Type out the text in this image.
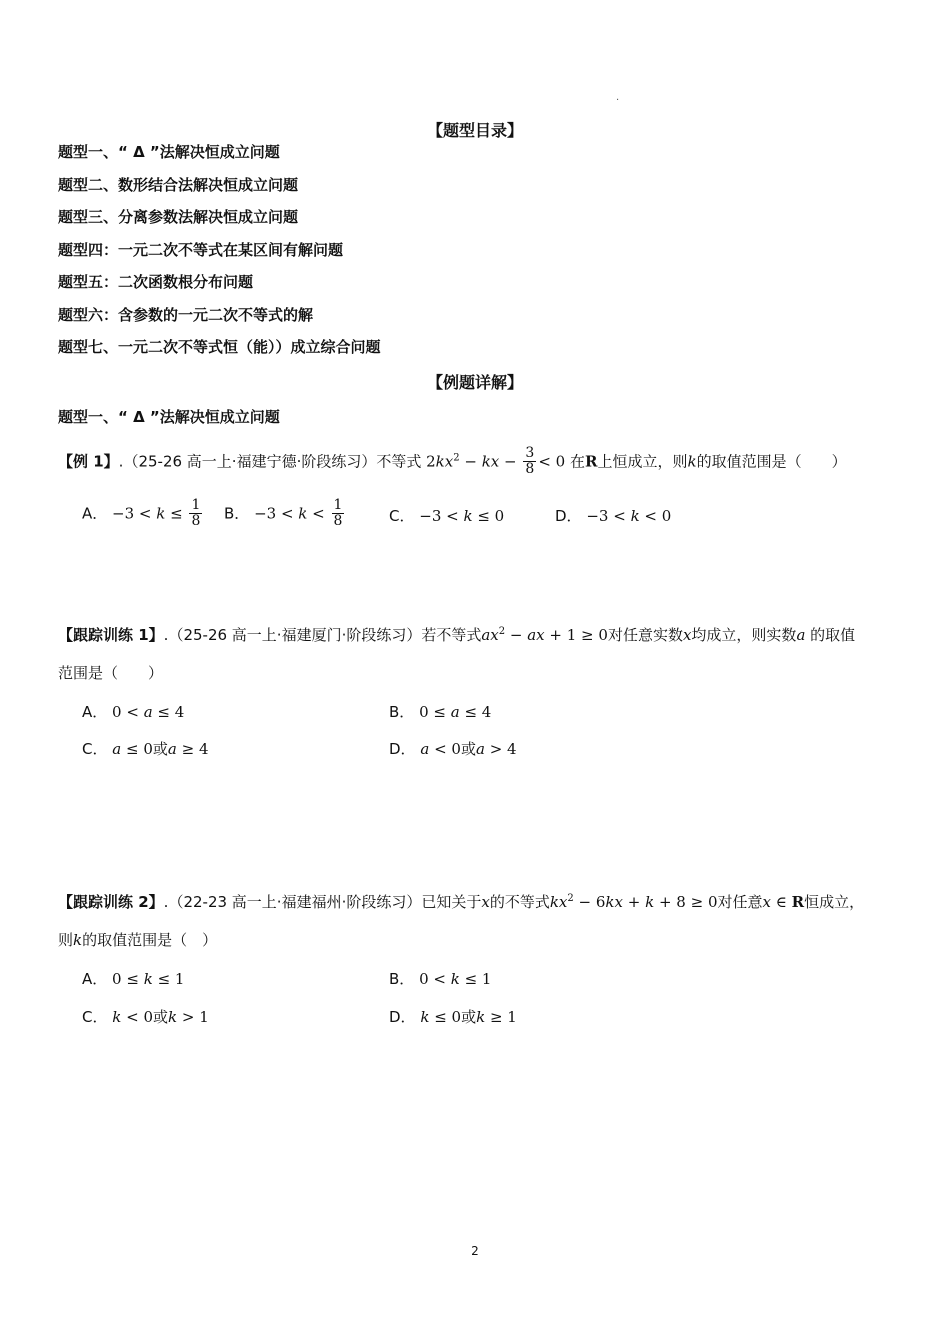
.
【题型目录】
题型一、“ Δ ”法解决恒成立问题
题型二、数形结合法解决恒成立问题
题型三、分离参数法解决恒成立问题
题型四：一元二次不等式在某区间有解问题
题型五：二次函数根分布问题
题型六：含参数的一元二次不等式的解
题型七、一元二次不等式恒（能））成立综合问题
【例题详解】
题型一、“ Δ ”法解决恒成立问题
【例 1】.（25-26 高一上·福建宁德·阶段练习）不等式 $2kx^2$ − kx − $\frac{3}{8} < 0$ 在R上恒成立，则k的取值范围是（　　）
A． $-3 < k \le \frac{1}{8}$ B． $-3 < k < \frac{1}{8}$	C． −3 < k ≤ 0	D． −3 < k < 0
【跟踪训练 1】.（25-26 高一上·福建厦门·阶段练习）若不等式$ax^2$ − ax + 1 ≥ 0对任意实数x均成立，则实数a 的取值
范围是（　　）
A． 0 < a ≤ 4	B． 0 ≤ a ≤ 4
C． a ≤ 0或a ≥ 4	D． a < 0或a > 4
【跟踪训练 2】.（22-23 高一上·福建福州·阶段练习）已知关于x的不等式$kx^2 - 6kx + k + 8 \ge 0$对任意x ∈ R恒成立，
则k的取值范围是（　）
A． 0 ≤ k ≤ 1	B． 0 < k ≤ 1
C． k < 0或k > 1	D． k ≤ 0或k ≥ 1
2
